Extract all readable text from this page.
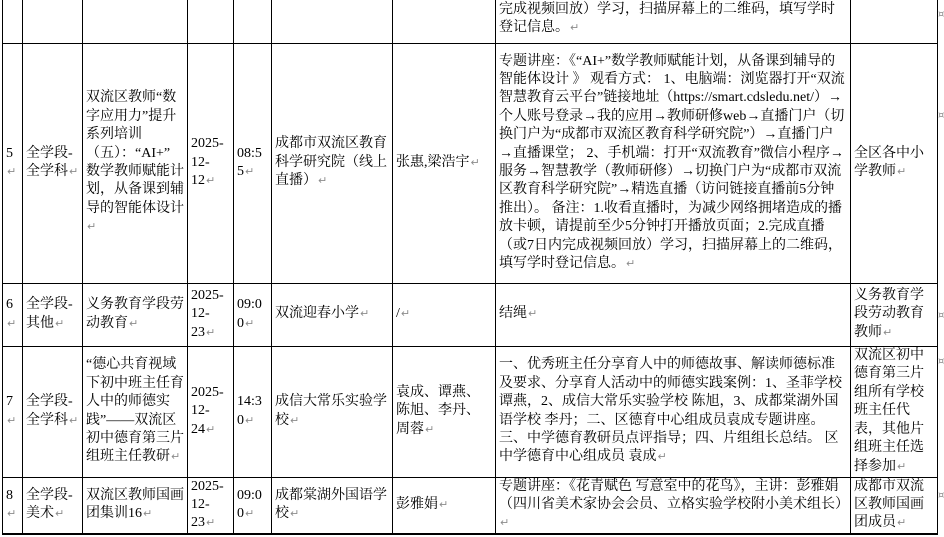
							完成视频回放）学习，扫描屏幕上的二维码，填写学时登记信息。↵	
5↵	全学段-全学科↵	双流区教师“数字应用力”提升系列培训（五）：“AI+”数学教师赋能计划，从备课到辅导的智能体设计↵	2025-12-12↵	08:55↵	成都市双流区教育科学研究院（线上直播）↵	张惠,梁浩宇↵	专题讲座：《“AI+”数学教师赋能计划，从备课到辅导的智能体设计 》 观看方式： 1、电脑端：浏览器打开“双流智慧教育云平台”链接地址（https://smart.cdsledu.net/）→个人账号登录→我的应用→教师研修web→直播门户（切换门户为“成都市双流区教育科学研究院”）→直播门户→直播课堂； 2、手机端：打开“双流教育”微信小程序→服务→智慧教学（教师研修）→切换门户为“成都市双流区教育科学研究院”→精选直播（访问链接直播前5分钟推出）。 备注：1.收看直播时，为减少网络拥堵造成的播放卡顿，请提前至少5分钟打开播放页面；2.完成直播（或7日内完成视频回放）学习，扫描屏幕上的二维码，填写学时登记信息。↵	全区各中小学教师↵
6↵	全学段-其他↵	义务教育学段劳动教育↵	2025-12-23↵	09:00↵	双流迎春小学↵	/↵	结绳↵	义务教育学段劳动教育教师↵
7↵	全学段-全学科↵	“德心共育视域下初中班主任育人中的师德实践”——双流区初中德育第三片组班主任教研↵	2025-12-24↵	14:30↵	成信大常乐实验学校↵	袁成、谭燕、陈旭、李丹、周蓉↵	一、优秀班主任分享育人中的师德故事、解读师德标准及要求、分享育人活动中的师德实践案例：1、圣菲学校 谭燕，2、成信大常乐实验学校 陈旭，3、成都棠湖外国语学校 李丹；二、区德育中心组成员袁成专题讲座。三、中学德育教研员点评指导；四、片组组长总结。 区中学德育中心组成员 袁成↵	双流区初中德育第三片组所有学校班主任代表，其他片组班主任选择参加↵
8↵	全学段-美术↵	双流区教师国画团集训16↵	2025-12-23↵	09:00↵	成都棠湖外国语学校↵	彭雅娟↵	专题讲座：《花青赋色 写意室中的花鸟》，主讲：彭雅娟（四川省美术家协会会员、立格实验学校附小美术组长）↵	成都市双流区教师国画团成员↵
¤
¤
¤
¤
¤
